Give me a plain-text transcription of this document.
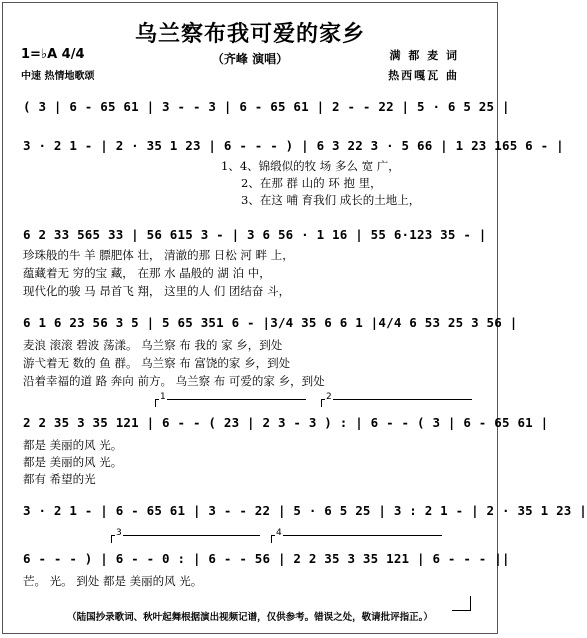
乌兰察布我可爱的家乡
（齐峰 演唱）
1=♭A 4/4
中速 热情地歌颂
满 都 麦 词
热西嘎瓦 曲
( 3 | 6 - 65 61 | 3 - - 3 | 6 - 65 61 | 2 - - 22 | 5 · 6 5 25 |
3 · 2 1 - | 2 · 35 1 23 | 6 - - - ) | 6 3 22 3 · 5 66 | 1 23 165 6 - |
1、4、锦缎似的牧 场 多么 宽 广，
2、在那 群 山的 环 抱 里，
3、在这 哺 育我们 成长的土地上，
6 2 33 565 33 | 56 615 3 - | 3 6 56 · 1 16 | 55 6·123 35 - |
珍珠般的牛 羊 膘肥体 壮， 清澈的那 日松 河 畔 上，
蕴藏着无 穷的宝 藏， 在那 水 晶般的 湖 泊 中，
现代化的骏 马 昂首飞 翔， 这里的人 们 团结奋 斗，
6 1 6 23 56 3 5 | 5 65 351 6 - |3/4 35 6 6 1 |4/4 6 53 25 3 56 |
麦浪 滚滚 碧波 荡漾。 乌兰察 布 我的 家 乡，到处
游弋着无 数的 鱼 群。 乌兰察 布 富饶的家 乡，到处
沿着幸福的道 路 奔向 前方。 乌兰察 布 可爱的家 乡，到处
1	2
2 2 35 3 35 121 | 6 - - ( 23 | 2 3 - 3 ) : | 6 - - ( 3 | 6 - 65 61 |
都是 美丽的风 光。
都是 美丽的风 光。
都有 希望的光
3 · 2 1 - | 6 - 65 61 | 3 - - 22 | 5 · 6 5 25 | 3 : 2 1 - | 2 · 35 1 23 |
3	4
6 - - - ) | 6 - - 0 : | 6 - - 56 | 2 2 35 3 35 121 | 6 - - - ||
芒。 光。 到处 都是 美丽的风 光。
（陆国抄录歌词、秋叶起舞根据演出视频记谱，仅供参考。错误之处，敬请批评指正。）
